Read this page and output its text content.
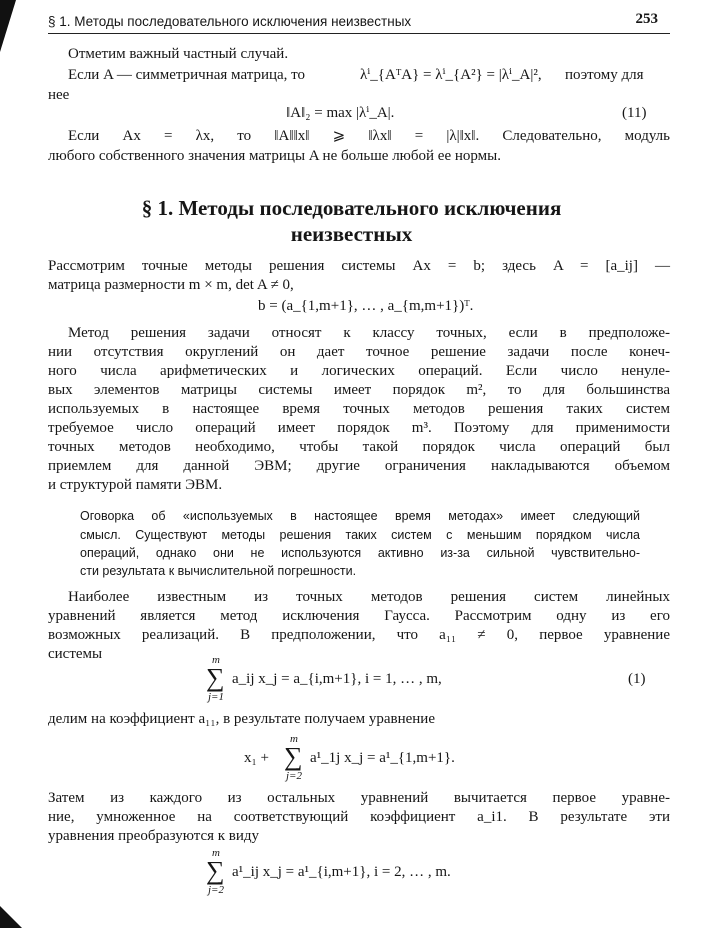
§ 1. Методы последовательного исключения неизвестных	253
Отметим важный частный случай.
Если A — симметричная матрица, то	λⁱ_{AᵀA} = λⁱ_{A²} = |λⁱ_A|², поэтому для
нее
‖A‖₂ = max |λⁱ_A|.	(11)
Если Ax = λx, то ‖A‖‖x‖ ⩾ ‖λx‖ = |λ|‖x‖. Следовательно, модуль
любого собственного значения матрицы A не больше любой ее нормы.
§ 1. Методы последовательного исключения
неизвестных
Рассмотрим точные методы решения системы Ax = b; здесь A = [a_ij] —
матрица размерности m × m, det A ≠ 0,
b = (a_{1,m+1}, … , a_{m,m+1})ᵀ.
Метод решения задачи относят к классу точных, если в предположе-
нии отсутствия округлений он дает точное решение задачи после конеч-
ного числа арифметических и логических операций. Если число ненуле-
вых элементов матрицы системы имеет порядок m², то для большинства
используемых в настоящее время точных методов решения таких систем
требуемое число операций имеет порядок m³. Поэтому для применимости
точных методов необходимо, чтобы такой порядок числа операций был
приемлем для данной ЭВМ; другие ограничения накладываются объемом
и структурой памяти ЭВМ.
Оговорка об «используемых в настоящее время методах» имеет следующий
смысл. Существуют методы решения таких систем с меньшим порядком числа
операций, однако они не используются активно из-за сильной чувствительно-
сти результата к вычислительной погрешности.
Наиболее известным из точных методов решения систем линейных
уравнений является метод исключения Гаусса. Рассмотрим одну из его
возможных реализаций. В предположении, что a₁₁ ≠ 0, первое уравнение
системы	m
∑
j=1
a_ij x_j = a_{i,m+1}, i = 1, … , m,	(1)
делим на коэффициент a₁₁, в результате получаем уравнение
x₁ +
m
∑
j=2
a¹_1j x_j = a¹_{1,m+1}.
Затем из каждого из остальных уравнений вычитается первое уравне-
ние, умноженное на соответствующий коэффициент a_i1. В результате эти
уравнения преобразуются к виду
m
∑
j=2
a¹_ij x_j = a¹_{i,m+1}, i = 2, … , m.
